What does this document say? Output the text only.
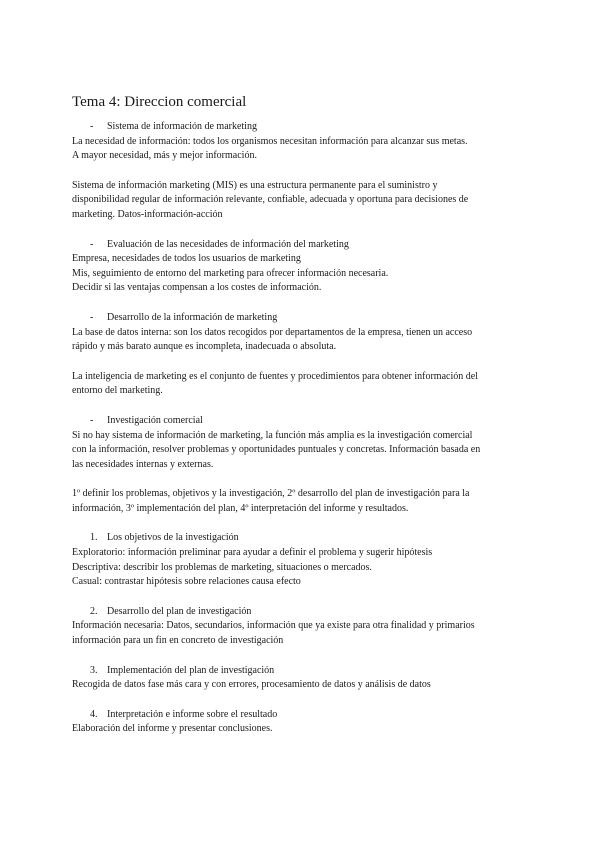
Tema 4: Direccion comercial

- Sistema de información de marketing

La necesidad de información: todos los organismos necesitan información para alcanzar sus metas.

A mayor necesidad, más y mejor información.

Sistema de información marketing (MIS) es una estructura permanente para el suministro y

disponibilidad regular de información relevante, confiable, adecuada y oportuna para decisiones de

marketing. Datos-información-acción

- Evaluación de las necesidades de información del marketing

Empresa, necesidades de todos los usuarios de marketing

Mis, seguimiento de entorno del marketing para ofrecer información necesaria.

Decidir si las ventajas compensan a los costes de información.

- Desarrollo de la información de marketing

La base de datos interna: son los datos recogidos por departamentos de la empresa, tienen un acceso

rápido y más barato aunque es incompleta, inadecuada o absoluta.

La inteligencia de marketing es el conjunto de fuentes y procedimientos para obtener información del

entorno del marketing.

- Investigación comercial

Si no hay sistema de información de marketing, la función más amplia es la investigación comercial

con la información, resolver problemas y oportunidades puntuales y concretas. Información basada en

las necesidades internas y externas.

1º definir los problemas, objetivos y la investigación, 2º desarrollo del plan de investigación para la

información, 3º implementación del plan, 4º interpretación del informe y resultados.

1. Los objetivos de la investigación

Exploratorio: información preliminar para ayudar a definir el problema y sugerir hipótesis

Descriptiva: describir los problemas de marketing, situaciones o mercados.

Casual: contrastar hipótesis sobre relaciones causa efecto

2. Desarrollo del plan de investigación

Información necesaria: Datos, secundarios, información que ya existe para otra finalidad y primarios

información para un fin en concreto de investigación

3. Implementación del plan de investigación

Recogida de datos fase más cara y con errores, procesamiento de datos y análisis de datos

4. Interpretación e informe sobre el resultado

Elaboración del informe y presentar conclusiones.
